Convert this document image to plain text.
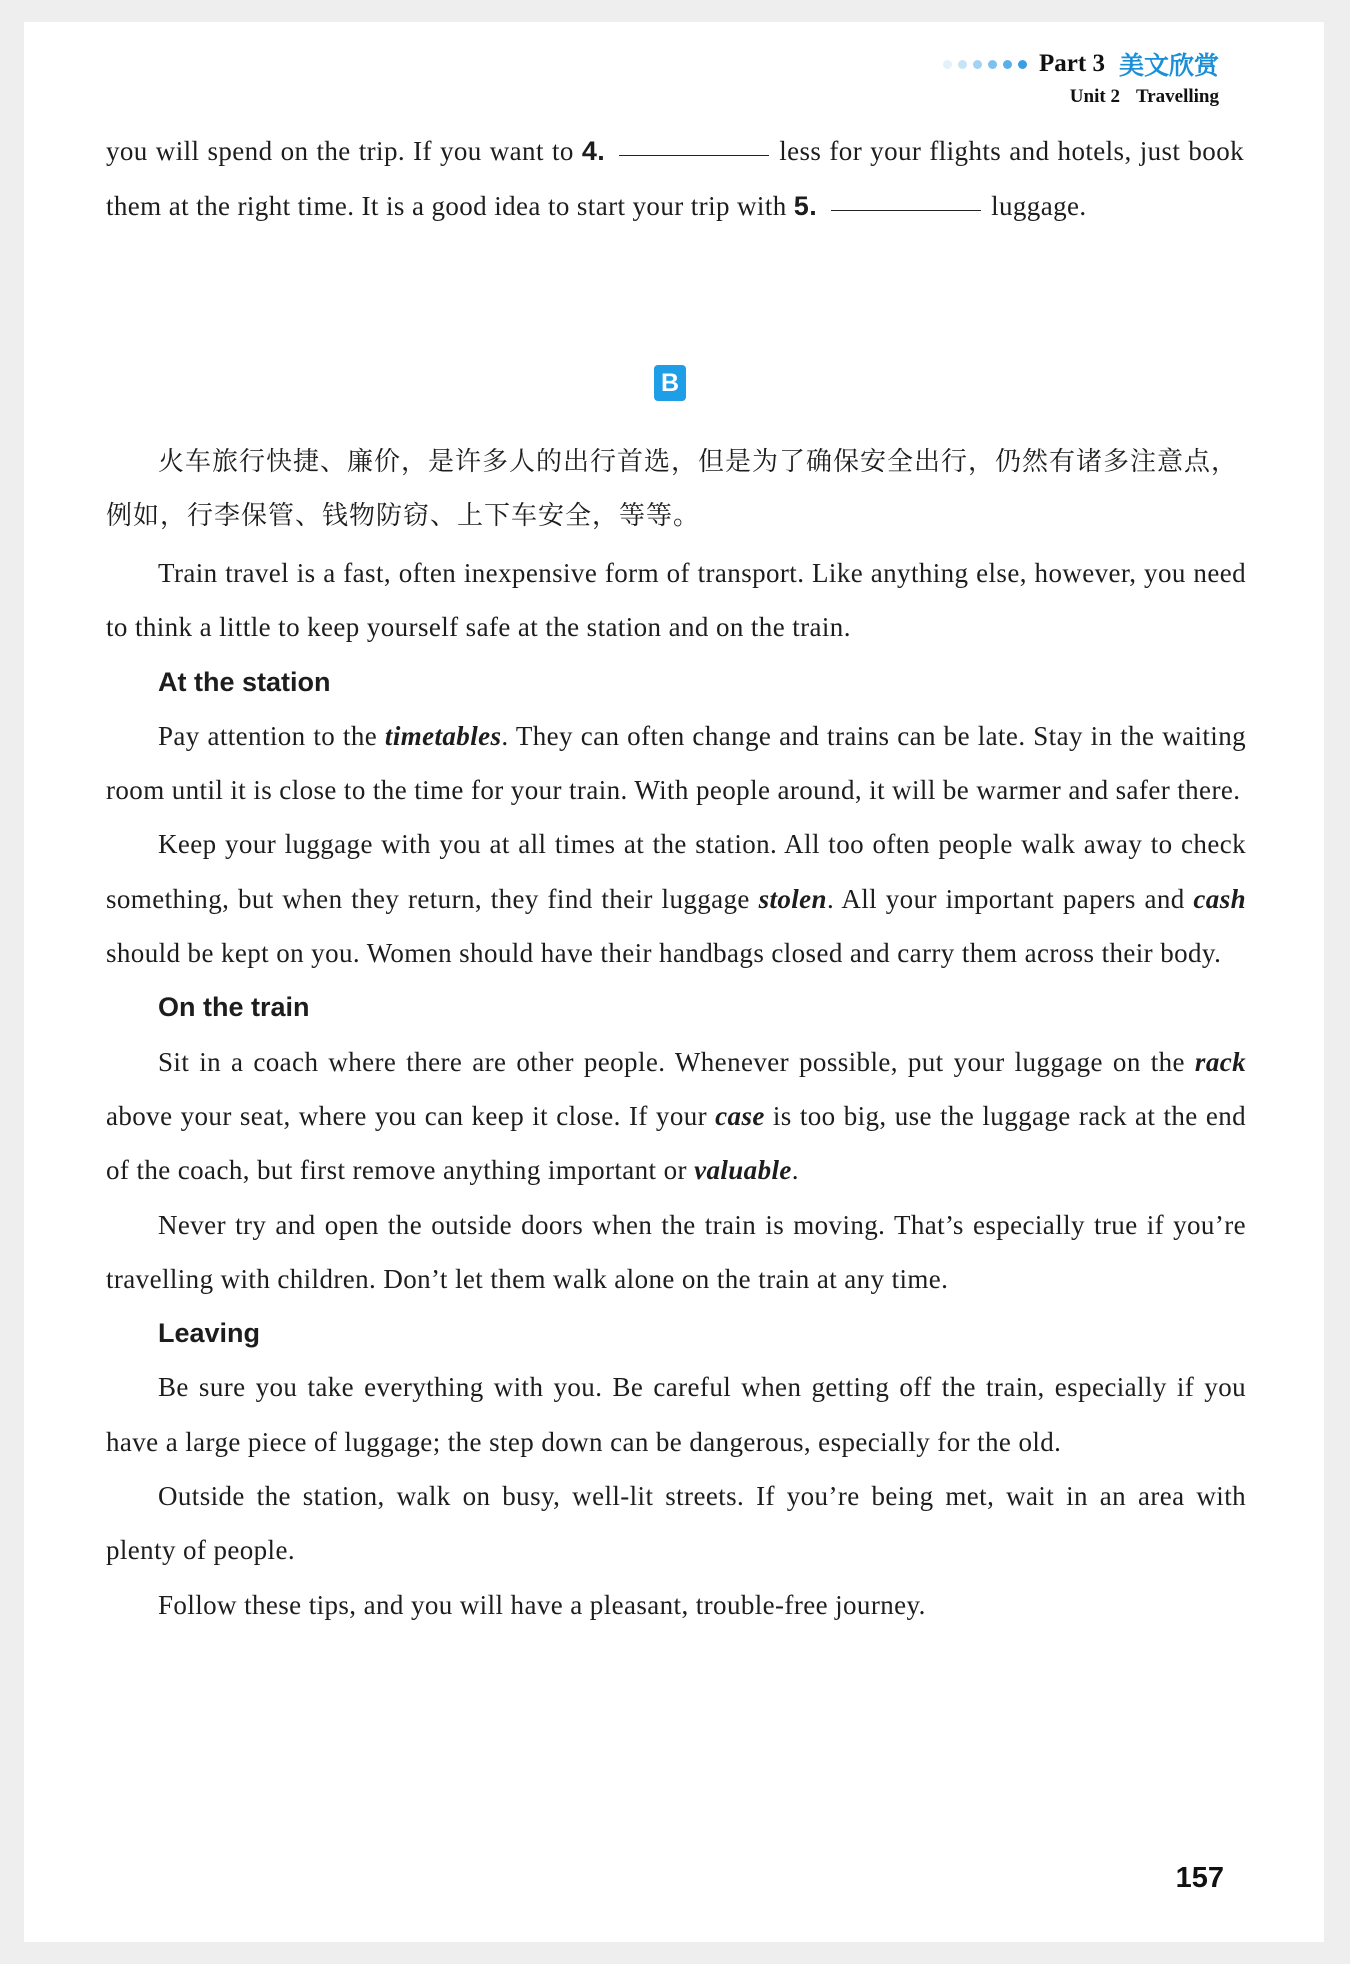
Part 3 美文欣赏
Unit 2 Travelling
you will spend on the trip. If you want to 4.	less for your flights and hotels, just book them at the right time. It is a good idea to start your trip with 5.	luggage.
B
火车旅行快捷、廉价，是许多人的出行首选，但是为了确保安全出行，仍然有诸多注意点，例如，行李保管、钱物防窃、上下车安全，等等。

Train travel is a fast, often inexpensive form of transport. Like anything else, however, you need to think a little to keep yourself safe at the station and on the train.

At the station

Pay attention to the timetables. They can often change and trains can be late. Stay in the waiting room until it is close to the time for your train. With people around, it will be warmer and safer there.

Keep your luggage with you at all times at the station. All too often people walk away to check something, but when they return, they find their luggage stolen. All your important papers and cash should be kept on you. Women should have their handbags closed and carry them across their body.

On the train

Sit in a coach where there are other people. Whenever possible, put your luggage on the rack above your seat, where you can keep it close. If your case is too big, use the luggage rack at the end of the coach, but first remove anything important or valuable.

Never try and open the outside doors when the train is moving. That’s especially true if you’re travelling with children. Don’t let them walk alone on the train at any time.

Leaving

Be sure you take everything with you. Be careful when getting off the train, especially if you have a large piece of luggage; the step down can be dangerous, especially for the old.

Outside the station, walk on busy, well-lit streets. If you’re being met, wait in an area with plenty of people.

Follow these tips, and you will have a pleasant, trouble-free journey.

157
